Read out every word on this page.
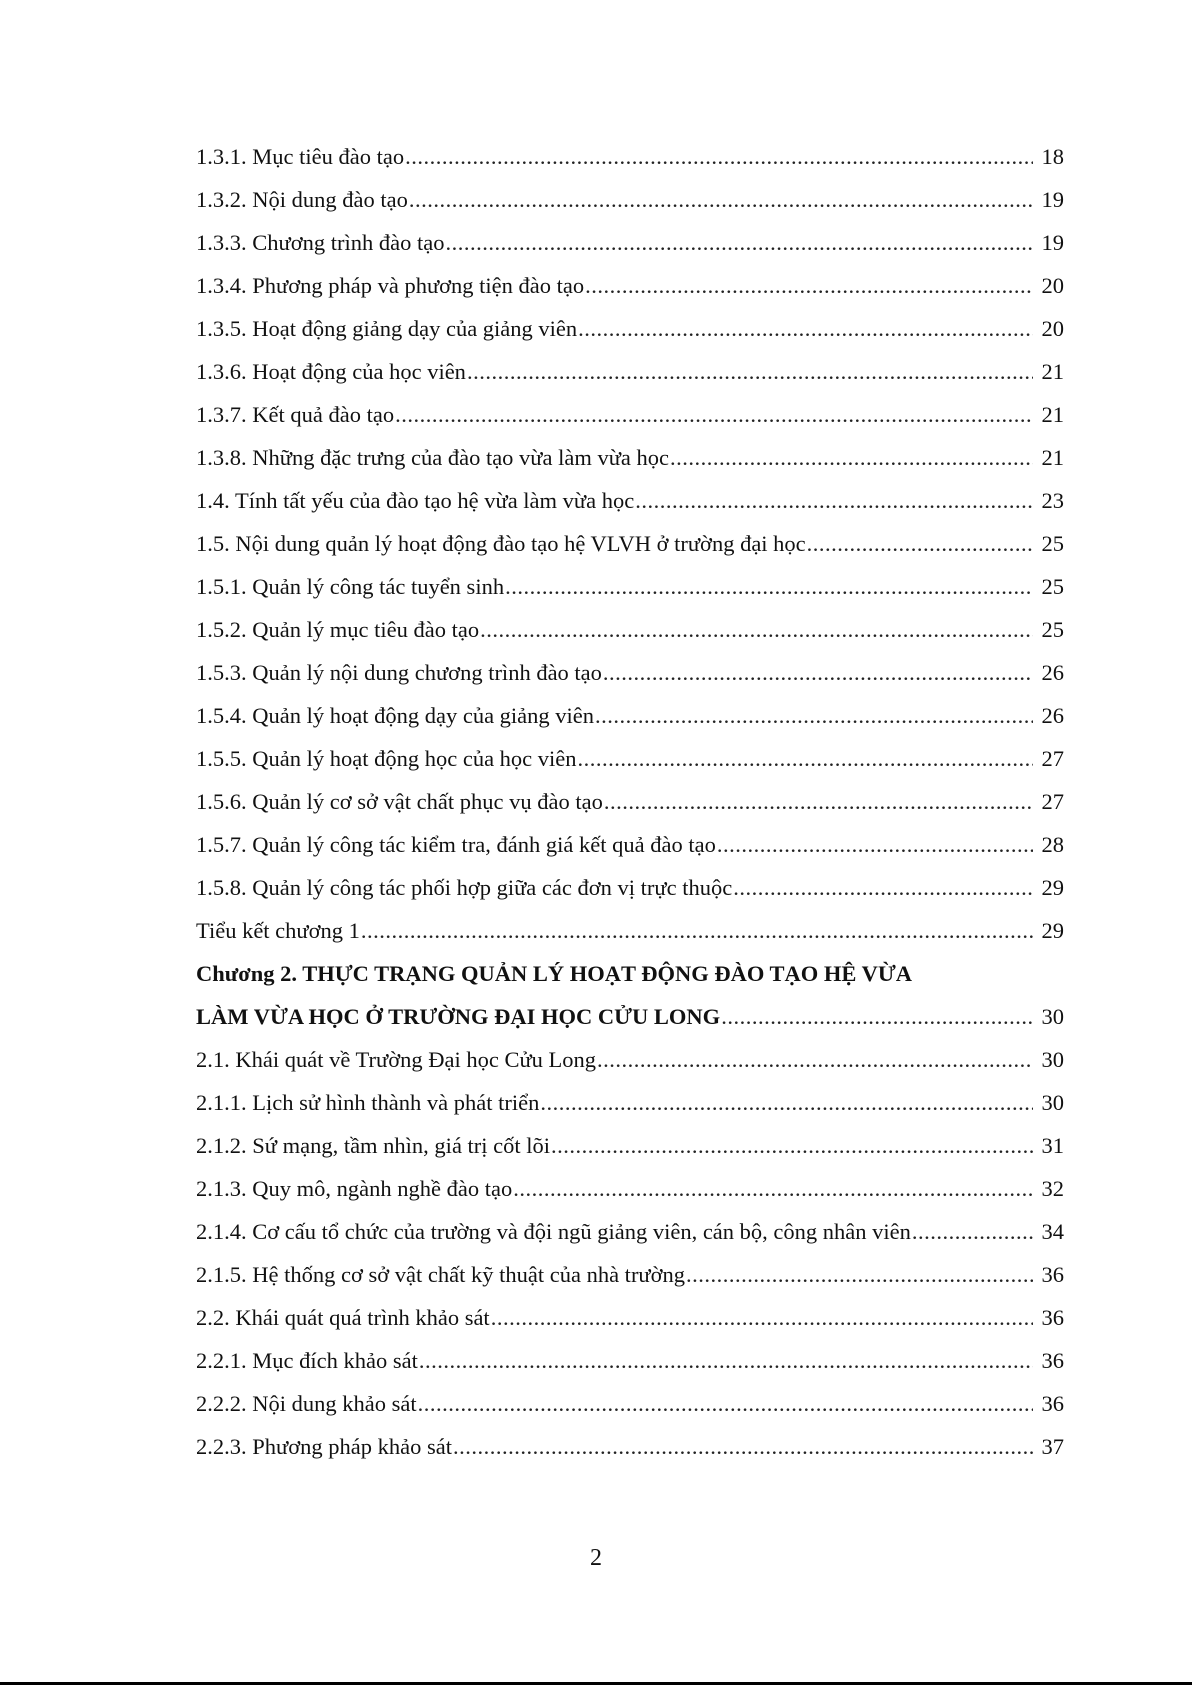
1.3.1. Mục tiêu đào tạo .....	18
1.3.2. Nội dung đào tạo .....	19
1.3.3. Chương trình đào tạo .....	19
1.3.4. Phương pháp và phương tiện đào tạo .....	20
1.3.5. Hoạt động giảng dạy của giảng viên .....	20
1.3.6. Hoạt động của học viên .....	21
1.3.7. Kết quả đào tạo .....	21
1.3.8. Những đặc trưng của đào tạo vừa làm vừa học .....	21
1.4. Tính tất yếu của đào tạo hệ vừa làm vừa học .....	23
1.5. Nội dung quản lý hoạt động đào tạo hệ VLVH ở trường đại học .....	25
1.5.1. Quản lý công tác tuyển sinh .....	25
1.5.2. Quản lý mục tiêu đào tạo .....	25
1.5.3. Quản lý nội dung chương trình đào tạo .....	26
1.5.4. Quản lý hoạt động dạy của giảng viên .....	26
1.5.5. Quản lý hoạt động học của học viên .....	27
1.5.6. Quản lý cơ sở vật chất phục vụ đào tạo .....	27
1.5.7. Quản lý công tác kiểm tra, đánh giá kết quả đào tạo .....	28
1.5.8. Quản lý công tác phối hợp giữa các đơn vị trực thuộc .....	29
Tiểu kết chương 1 .....	29
Chương 2. THỰC TRẠNG QUẢN LÝ HOẠT ĐỘNG ĐÀO TẠO HỆ VỪA
LÀM VỪA HỌC Ở TRƯỜNG ĐẠI HỌC CỬU LONG .....	30
2.1. Khái quát về Trường Đại học Cửu Long .....	30
2.1.1. Lịch sử hình thành và phát triển .....	30
2.1.2. Sứ mạng, tầm nhìn, giá trị cốt lõi .....	31
2.1.3. Quy mô, ngành nghề đào tạo .....	32
2.1.4. Cơ cấu tổ chức của trường và đội ngũ giảng viên, cán bộ, công nhân viên .....	34
2.1.5. Hệ thống cơ sở vật chất kỹ thuật của nhà trường .....	36
2.2. Khái quát quá trình khảo sát .....	36
2.2.1. Mục đích khảo sát .....	36
2.2.2. Nội dung khảo sát .....	36
2.2.3. Phương pháp khảo sát .....	37
2
